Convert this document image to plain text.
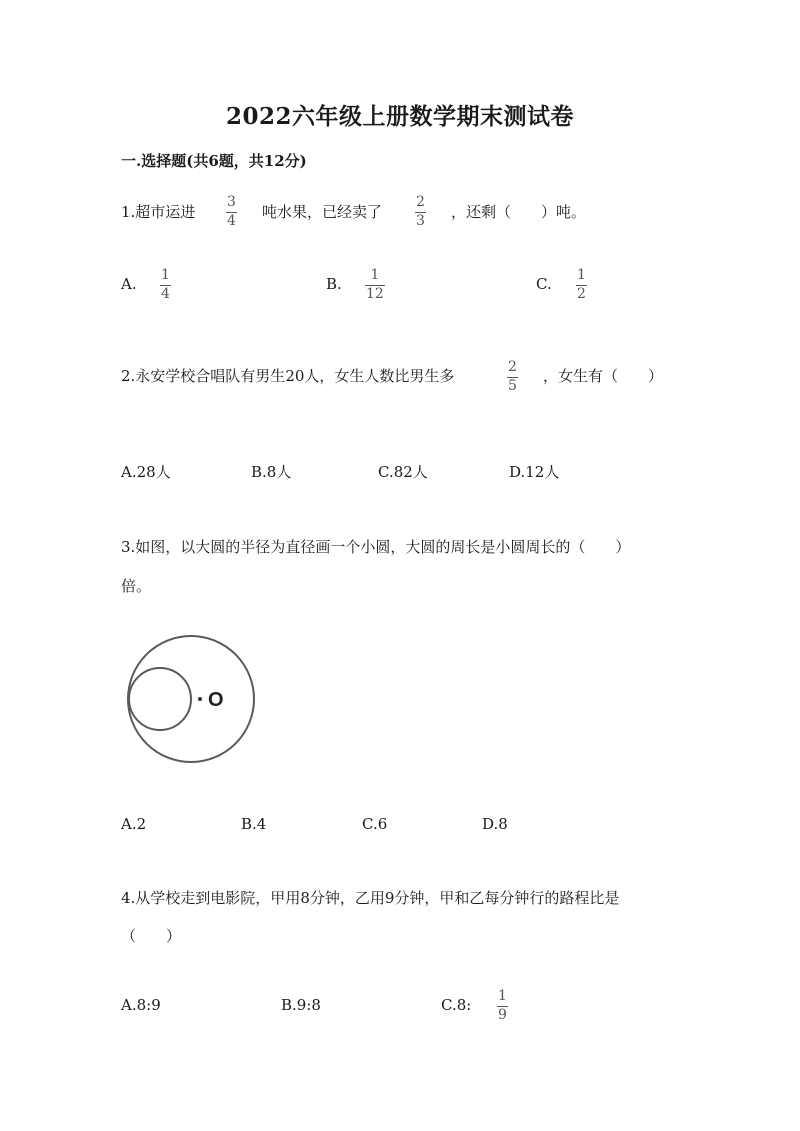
2022六年级上册数学期末测试卷
一.选择题(共6题，共12分)
1.超市运进
3
4 吨水果，已经卖了
2
3 ，还剩（　　）吨。
A. 1
4
B. 1
12
C. 1
2
2.永安学校合唱队有男生20人，女生人数比男生多	2
5
，女生有（　　）
A.28人	B.8人	C.82人	D.12人
3.如图，以大圆的半径为直径画一个小圆，大圆的周长是小圆周长的（　　）
倍。
O
A.2	B.4	C.6	D.8
4.从学校走到电影院，甲用8分钟，乙用9分钟，甲和乙每分钟行的路程比是
（　　）
A.8:9	B.9:8	C.8: 1
9
